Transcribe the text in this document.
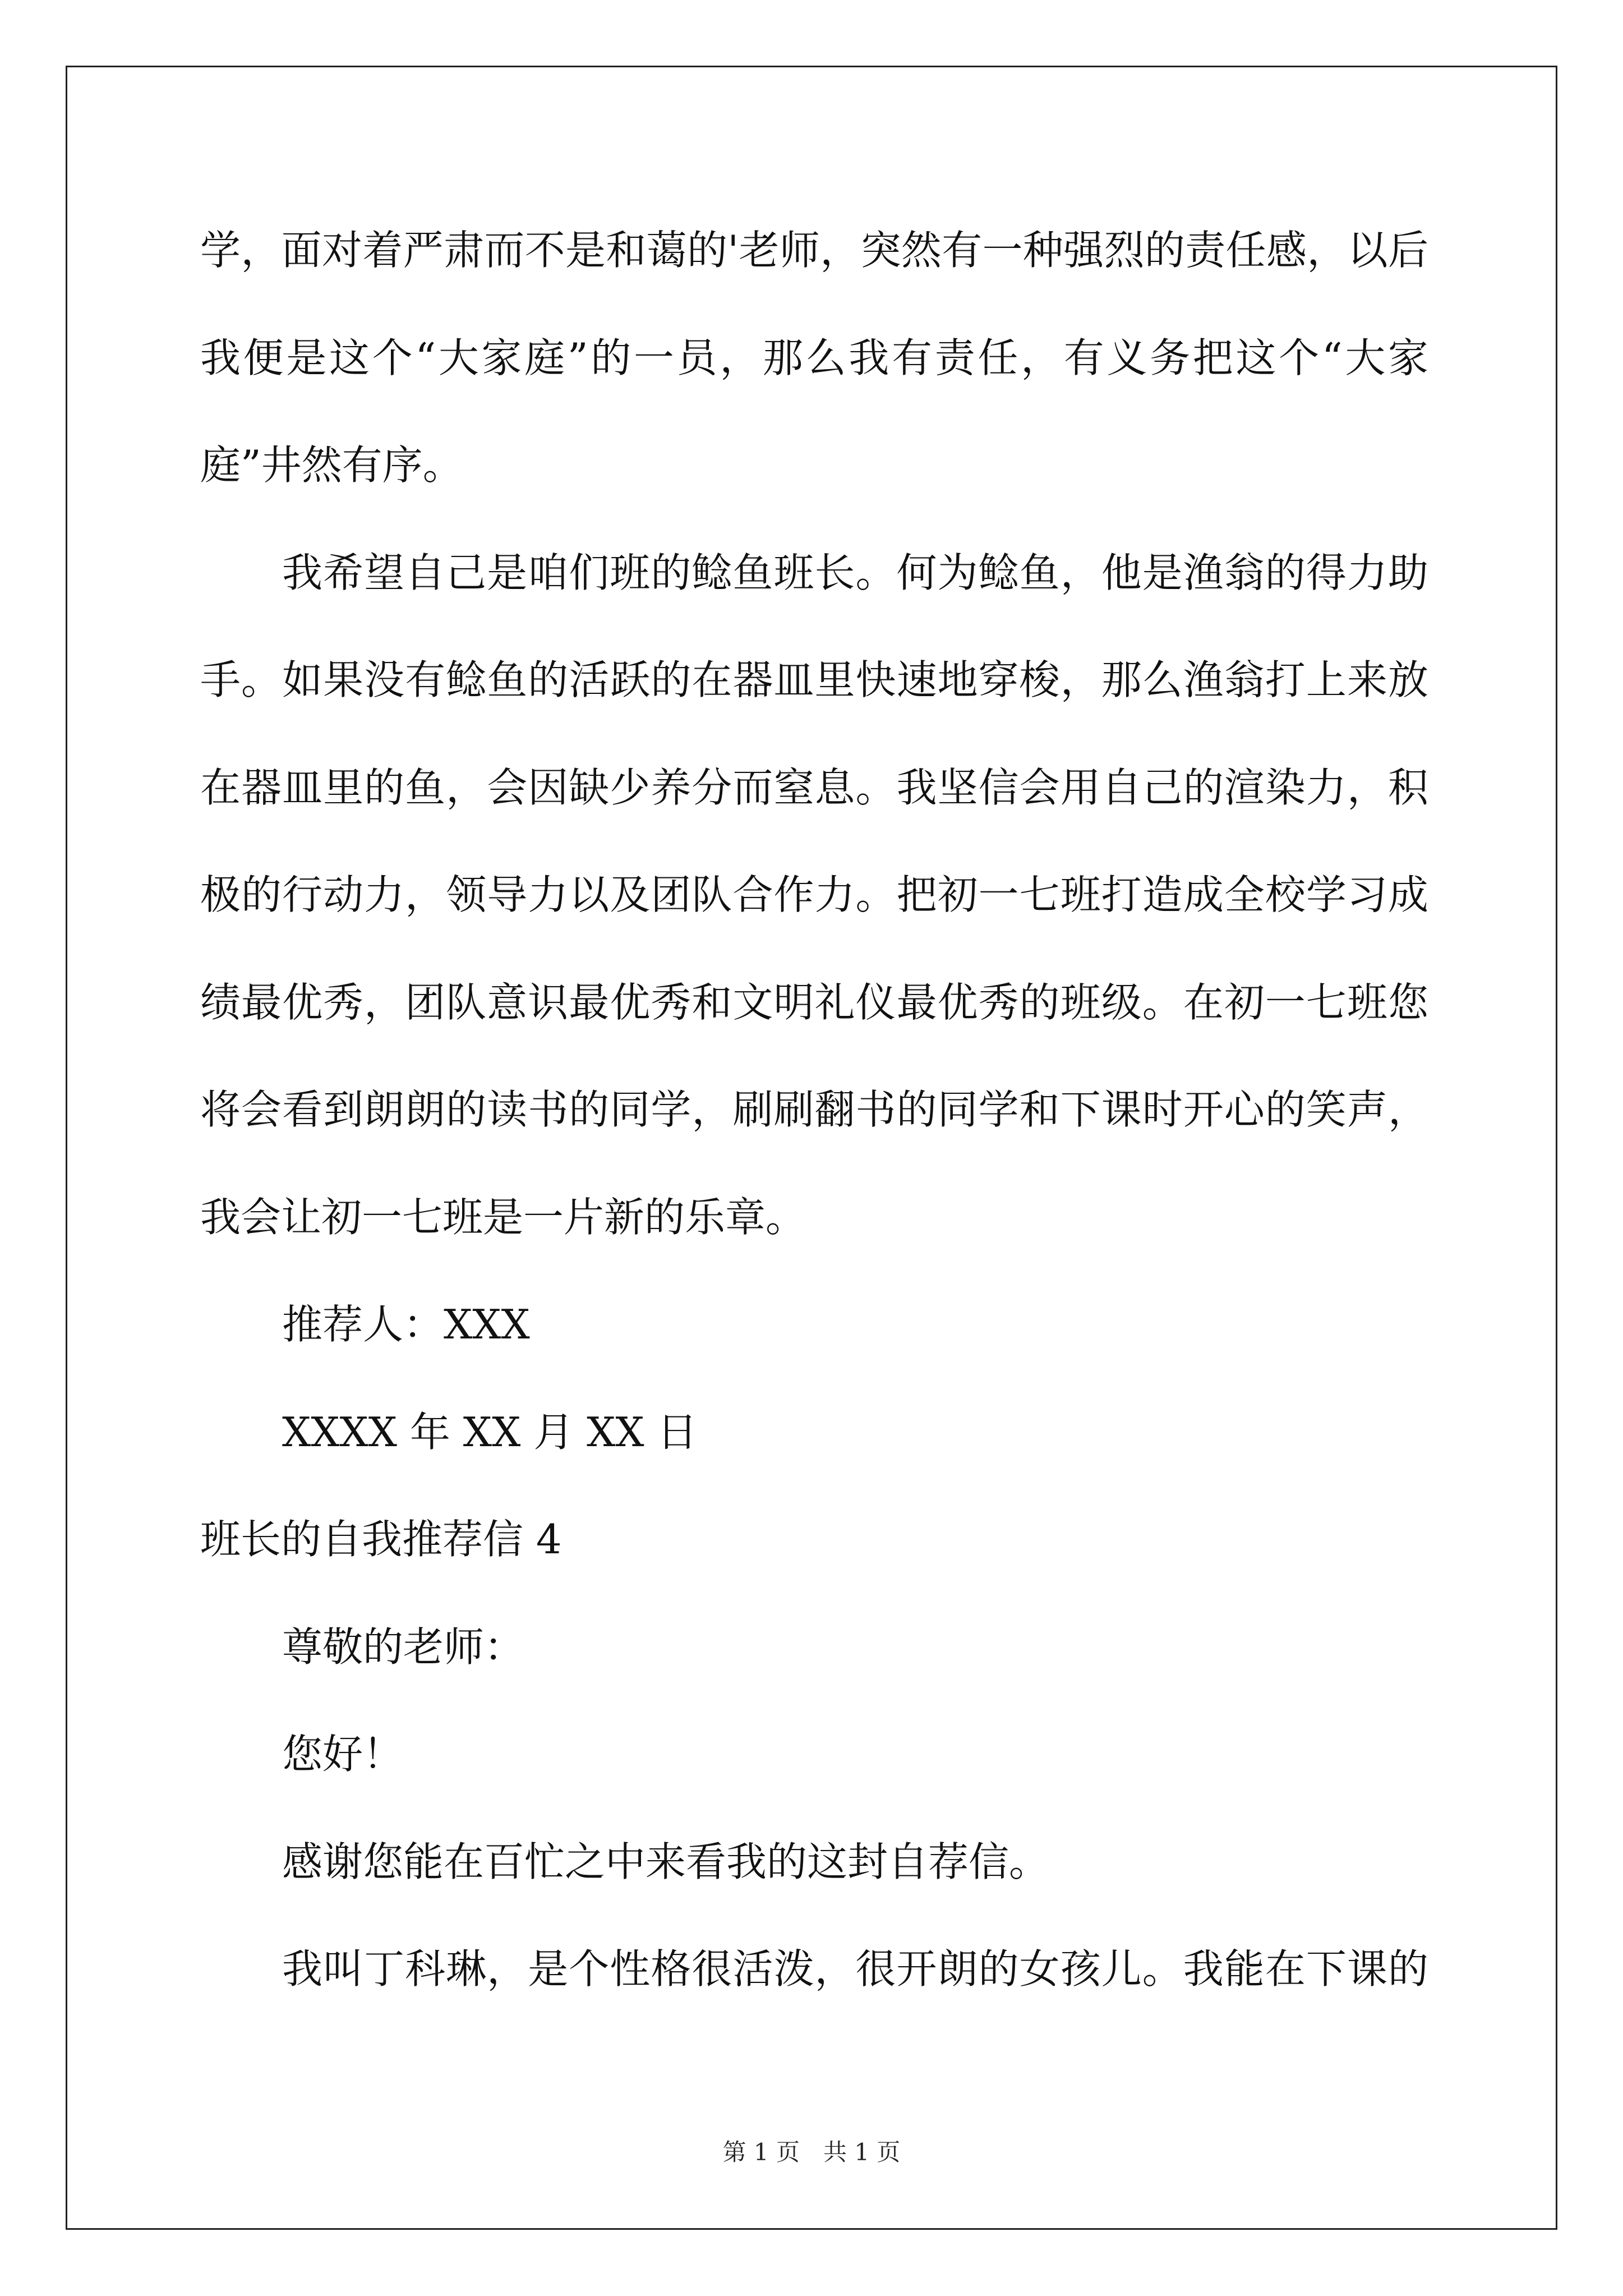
学，面对着严肃而不是和蔼的'老师，突然有一种强烈的责任感，以后
我便是这个“大家庭”的一员，那么我有责任，有义务把这个“大家
庭”井然有序。
我希望自己是咱们班的鲶鱼班长。何为鲶鱼，他是渔翁的得力助
手。如果没有鲶鱼的活跃的在器皿里快速地穿梭，那么渔翁打上来放
在器皿里的鱼，会因缺少养分而窒息。我坚信会用自己的渲染力，积
极的行动力，领导力以及团队合作力。把初一七班打造成全校学习成
绩最优秀，团队意识最优秀和文明礼仪最优秀的班级。在初一七班您
将会看到朗朗的读书的同学，刷刷翻书的同学和下课时开心的笑声，
我会让初一七班是一片新的乐章。
推荐人：XXX
XXXX 年 XX 月 XX 日
班长的自我推荐信 4
尊敬的老师：
您好！
感谢您能在百忙之中来看我的这封自荐信。
我叫丁科琳，是个性格很活泼，很开朗的女孩儿。我能在下课的
第 1 页　共 1 页
